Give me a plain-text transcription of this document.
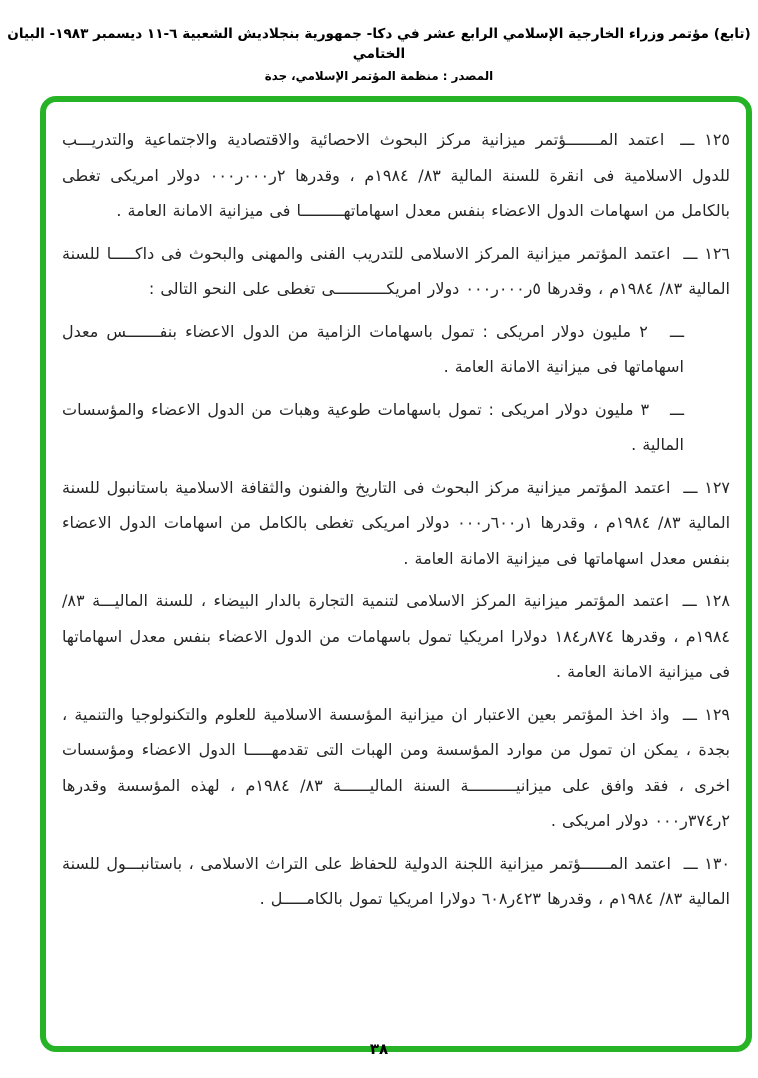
(تابع) مؤتمر وزراء الخارجية الإسلامي الرابع عشر في دكا- جمهورية بنجلاديش الشعبية ٦-١١ ديسمبر ١٩٨٣- البيان الختامي
المصدر : منظمة المؤتمر الإسلامي، جدة

١٢٥ ـــ اعتمد المـــــــؤتمر ميزانية مركز البحوث الاحصائية والاقتصادية والاجتماعية والتدريـــب للدول الاسلامية فى انقرة للسنة المالية ٨٣/ ١٩٨٤م ، وقدرها ٢ر٠٠٠ر٠٠٠ دولار امريكى تغطى بالكامل من اسهامات الدول الاعضاء بنفس معدل اسهاماتهـــــــــا فى ميزانية الامانة العامة .

١٢٦ ـــ اعتمد المؤتمر ميزانية المركز الاسلامى للتدريب الفنى والمهنى والبحوث فى داكـــــا للسنة المالية ٨٣/ ١٩٨٤م ، وقدرها ٥ر٠٠٠ر٠٠٠ دولار امريكـــــــــــى تغطى على النحو التالى :

ـــ ٢ مليون دولار امريكى : تمول باسهامات الزامية من الدول الاعضاء بنفـــــــس معدل اسهاماتها فى ميزانية الامانة العامة .

ـــ ٣ مليون دولار امريكى : تمول باسهامات طوعية وهبات من الدول الاعضاء والمؤسسات المالية .

١٢٧ ـــ اعتمد المؤتمر ميزانية مركز البحوث فى التاريخ والفنون والثقافة الاسلامية باستانبول للسنة المالية ٨٣/ ١٩٨٤م ، وقدرها ١ر٦٠٠ر٠٠٠ دولار امريكى تغطى بالكامل من اسهامات الدول الاعضاء بنفس معدل اسهاماتها فى ميزانية الامانة العامة .

١٢٨ ـــ اعتمد المؤتمر ميزانية المركز الاسلامى لتنمية التجارة بالدار البيضاء ، للسنة الماليـــة ٨٣/ ١٩٨٤م ، وقدرها ٨٧٤ر١٨٤ دولارا امريكيا تمول باسهامات من الدول الاعضاء بنفس معدل اسهاماتها فى ميزانية الامانة العامة .

١٢٩ ـــ واذ اخذ المؤتمر بعين الاعتبار ان ميزانية المؤسسة الاسلامية للعلوم والتكنولوجيا والتنمية ، بجدة ، يمكن ان تمول من موارد المؤسسة ومن الهبات التى تقدمهـــــا الدول الاعضاء ومؤسسات اخرى ، فقد وافق على ميزانيــــــــــة السنة الماليــــــة ٨٣/ ١٩٨٤م ، لهذه المؤسسة وقدرها ٢ر٣٧٤ر٠٠٠ دولار امريكى .

١٣٠ ـــ اعتمد المــــــؤتمر ميزانية اللجنة الدولية للحفاظ على التراث الاسلامى ، باستانبـــول للسنة المالية ٨٣/ ١٩٨٤م ، وقدرها ٤٢٣ر٦٠٨ دولارا امريكيا تمول بالكامـــــل .

٣٨
